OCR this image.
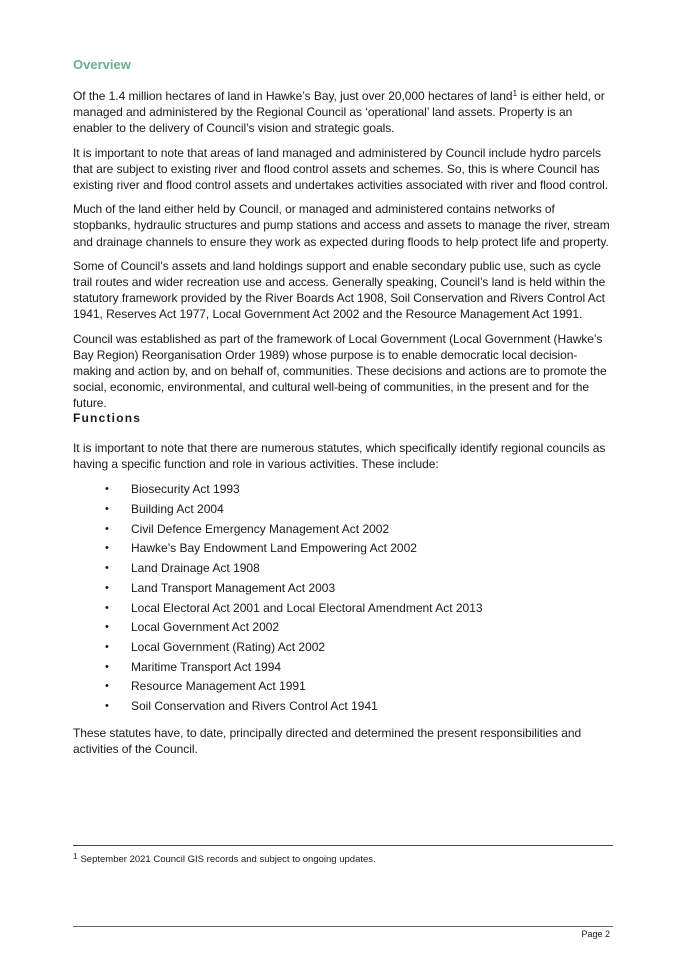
Overview

Of the 1.4 million hectares of land in Hawke’s Bay, just over 20,000 hectares of land$^1$ is either held, or managed and administered by the Regional Council as ‘operational’ land assets. Property is an enabler to the delivery of Council’s vision and strategic goals.

It is important to note that areas of land managed and administered by Council include hydro parcels that are subject to existing river and flood control assets and schemes. So, this is where Council has existing river and flood control assets and undertakes activities associated with river and flood control.

Much of the land either held by Council, or managed and administered contains networks of stopbanks, hydraulic structures and pump stations and access and assets to manage the river, stream and drainage channels to ensure they work as expected during floods to help protect life and property.

Some of Council’s assets and land holdings support and enable secondary public use, such as cycle trail routes and wider recreation use and access. Generally speaking, Council’s land is held within the statutory framework provided by the River Boards Act 1908, Soil Conservation and Rivers Control Act 1941, Reserves Act 1977, Local Government Act 2002 and the Resource Management Act 1991.

Council was established as part of the framework of Local Government (Local Government (Hawke’s Bay Region) Reorganisation Order 1989) whose purpose is to enable democratic local decision-making and action by, and on behalf of, communities. These decisions and actions are to promote the social, economic, environmental, and cultural well-being of communities, in the present and for the future.

Functions

It is important to note that there are numerous statutes, which specifically identify regional councils as having a specific function and role in various activities. These include:

• Biosecurity Act 1993
• Building Act 2004
• Civil Defence Emergency Management Act 2002
• Hawke’s Bay Endowment Land Empowering Act 2002
• Land Drainage Act 1908
• Land Transport Management Act 2003
• Local Electoral Act 2001 and Local Electoral Amendment Act 2013
• Local Government Act 2002
• Local Government (Rating) Act 2002
• Maritime Transport Act 1994
• Resource Management Act 1991
• Soil Conservation and Rivers Control Act 1941

These statutes have, to date, principally directed and determined the present responsibilities and activities of the Council.

$^1$ September 2021 Council GIS records and subject to ongoing updates.

Page 2
